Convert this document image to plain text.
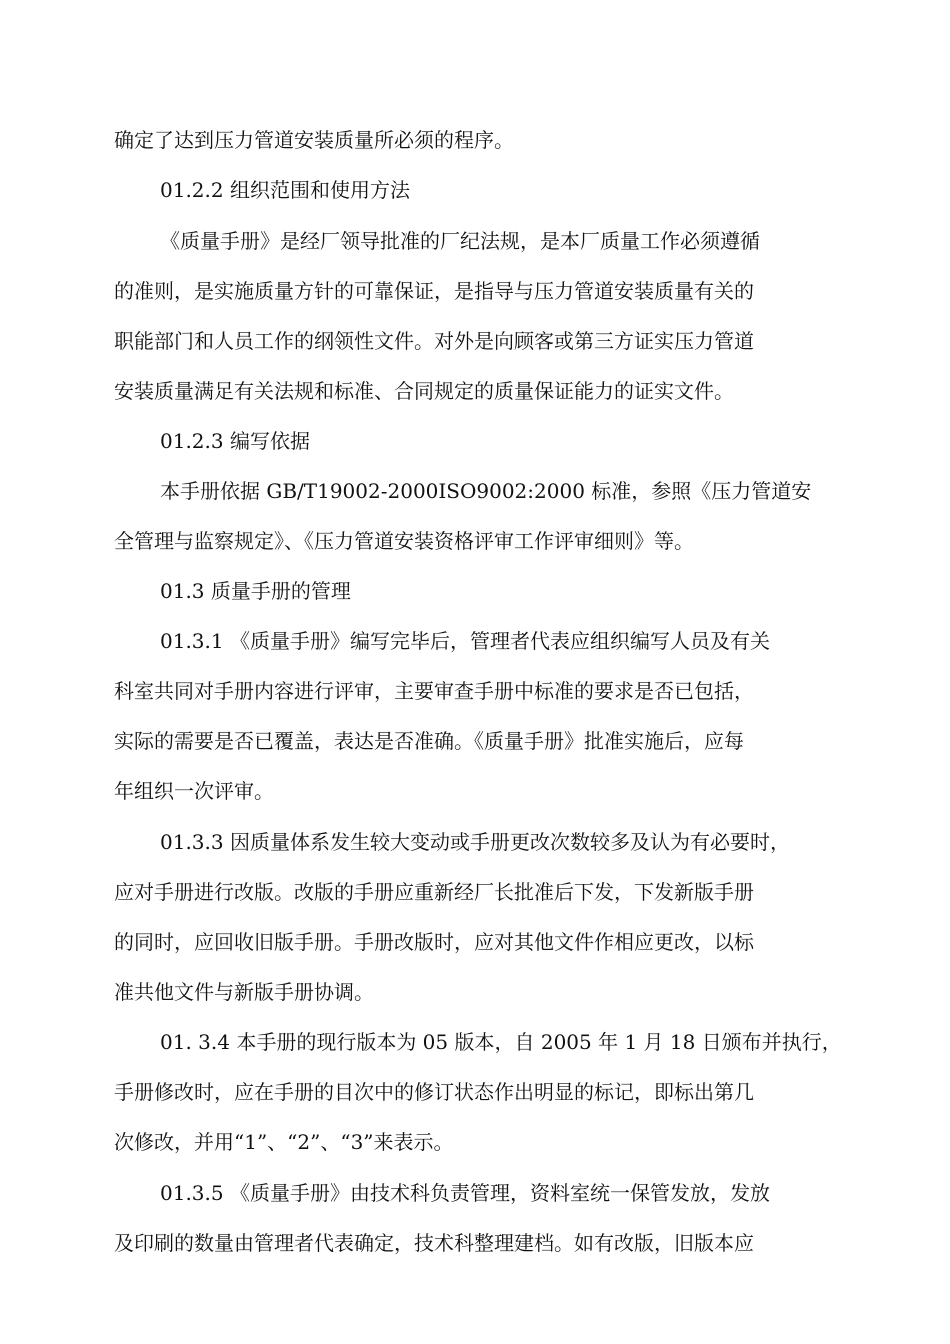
确定了达到压力管道安装质量所必须的程序。
01.2.2 组织范围和使用方法
《质量手册》是经厂领导批准的厂纪法规，是本厂质量工作必须遵循
的准则，是实施质量方针的可靠保证，是指导与压力管道安装质量有关的
职能部门和人员工作的纲领性文件。对外是向顾客或第三方证实压力管道
安装质量满足有关法规和标准、合同规定的质量保证能力的证实文件。
01.2.3 编写依据
本手册依据 GB/T19002-2000ISO9002:2000 标准，参照《压力管道安
全管理与监察规定》、《压力管道安装资格评审工作评审细则》等。
01.3 质量手册的管理
01.3.1 《质量手册》编写完毕后，管理者代表应组织编写人员及有关
科室共同对手册内容进行评审，主要审查手册中标准的要求是否已包括，
实际的需要是否已覆盖，表达是否准确。《质量手册》批准实施后，应每
年组织一次评审。
01.3.3 因质量体系发生较大变动或手册更改次数较多及认为有必要时，
应对手册进行改版。改版的手册应重新经厂长批准后下发，下发新版手册
的同时，应回收旧版手册。手册改版时，应对其他文件作相应更改，以标
准共他文件与新版手册协调。
01. 3.4 本手册的现行版本为 05 版本，自 2005 年 1 月 18 日颁布并执行，
手册修改时，应在手册的目次中的修订状态作出明显的标记，即标出第几
次修改，并用“1”、“2”、“3”来表示。
01.3.5 《质量手册》由技术科负责管理，资料室统一保管发放，发放
及印刷的数量由管理者代表确定，技术科整理建档。如有改版，旧版本应
